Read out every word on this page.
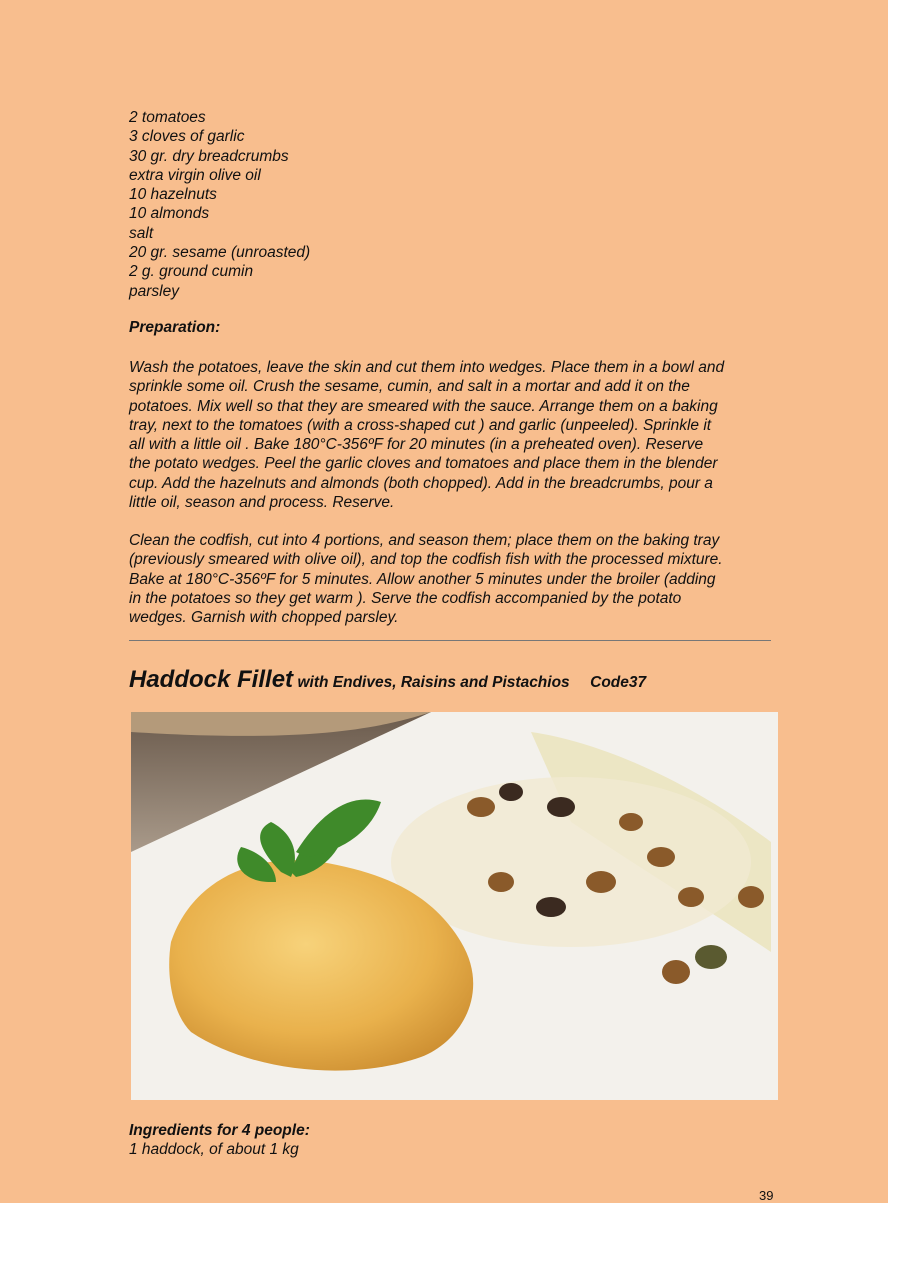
2 tomatoes
3 cloves of garlic
30 gr. dry breadcrumbs
extra virgin olive oil
10 hazelnuts
10 almonds
salt
20 gr. sesame (unroasted)
2 g. ground cumin
parsley
Preparation:
Wash the potatoes, leave the skin and cut them into wedges. Place them in a bowl and
sprinkle some oil. Crush the sesame, cumin, and salt in a mortar and add it on the
potatoes. Mix well so that they are smeared with the sauce. Arrange them on a baking
tray, next to the tomatoes (with a cross-shaped cut ) and garlic (unpeeled). Sprinkle it
all with a little oil . Bake 180°C-356ºF for 20 minutes (in a preheated oven). Reserve
the potato wedges. Peel the garlic cloves and tomatoes and place them in the blender
cup. Add the hazelnuts and almonds (both chopped). Add in the breadcrumbs, pour a
little oil, season and process. Reserve.
Clean the codfish, cut into 4 portions, and season them; place them on the baking tray
(previously smeared with olive oil), and top the codfish fish with the processed mixture.
Bake at 180°C-356ºF for 5 minutes. Allow another 5 minutes under the broiler (adding
in the potatoes so they get warm ). Serve the codfish accompanied by the potato
wedges. Garnish with chopped parsley.
Haddock Fillet with Endives, Raisins and Pistachios Code37
Ingredients for 4 people:
1 haddock, of about 1 kg
39
